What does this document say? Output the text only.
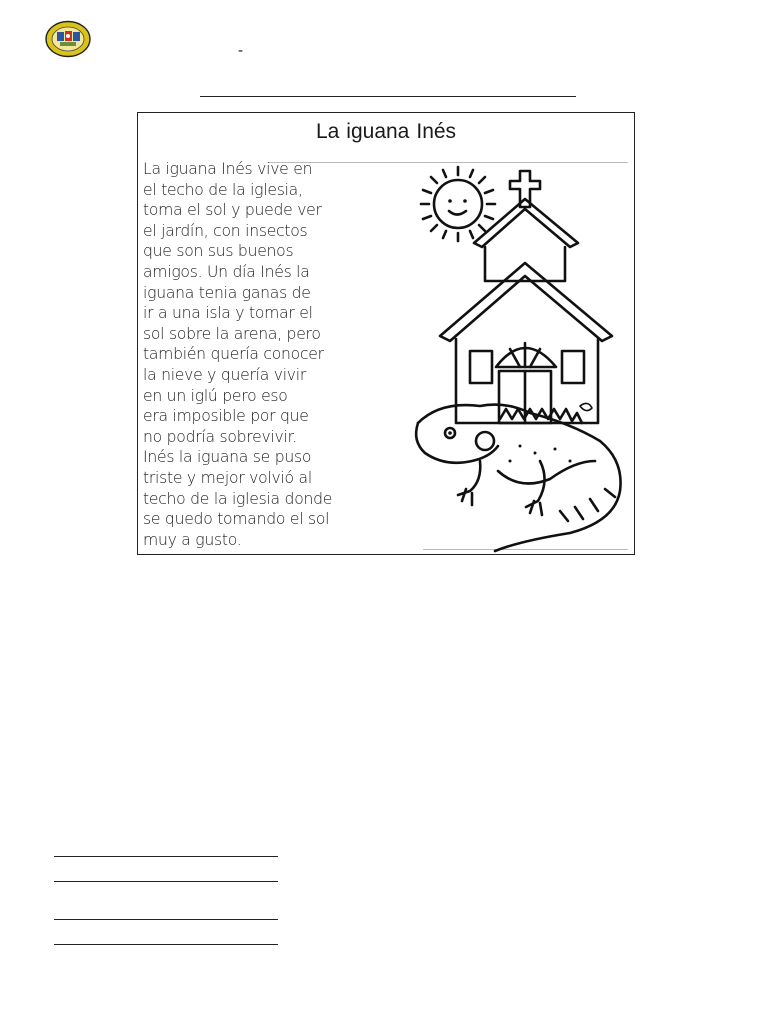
-
La iguana Inés
La iguana Inés vive en
el techo de la iglesia,
toma el sol y puede ver
el jardín, con insectos
que son sus buenos
amigos. Un día Inés la
iguana tenia ganas de
ir a una isla y tomar el
sol sobre la arena, pero
también quería conocer
la nieve y quería vivir
en un iglú pero eso
era imposible por que
no podría sobrevivir.
Inés la iguana se puso
triste y mejor volvió al
techo de la iglesia donde
se quedo tomando el sol
muy a gusto.
